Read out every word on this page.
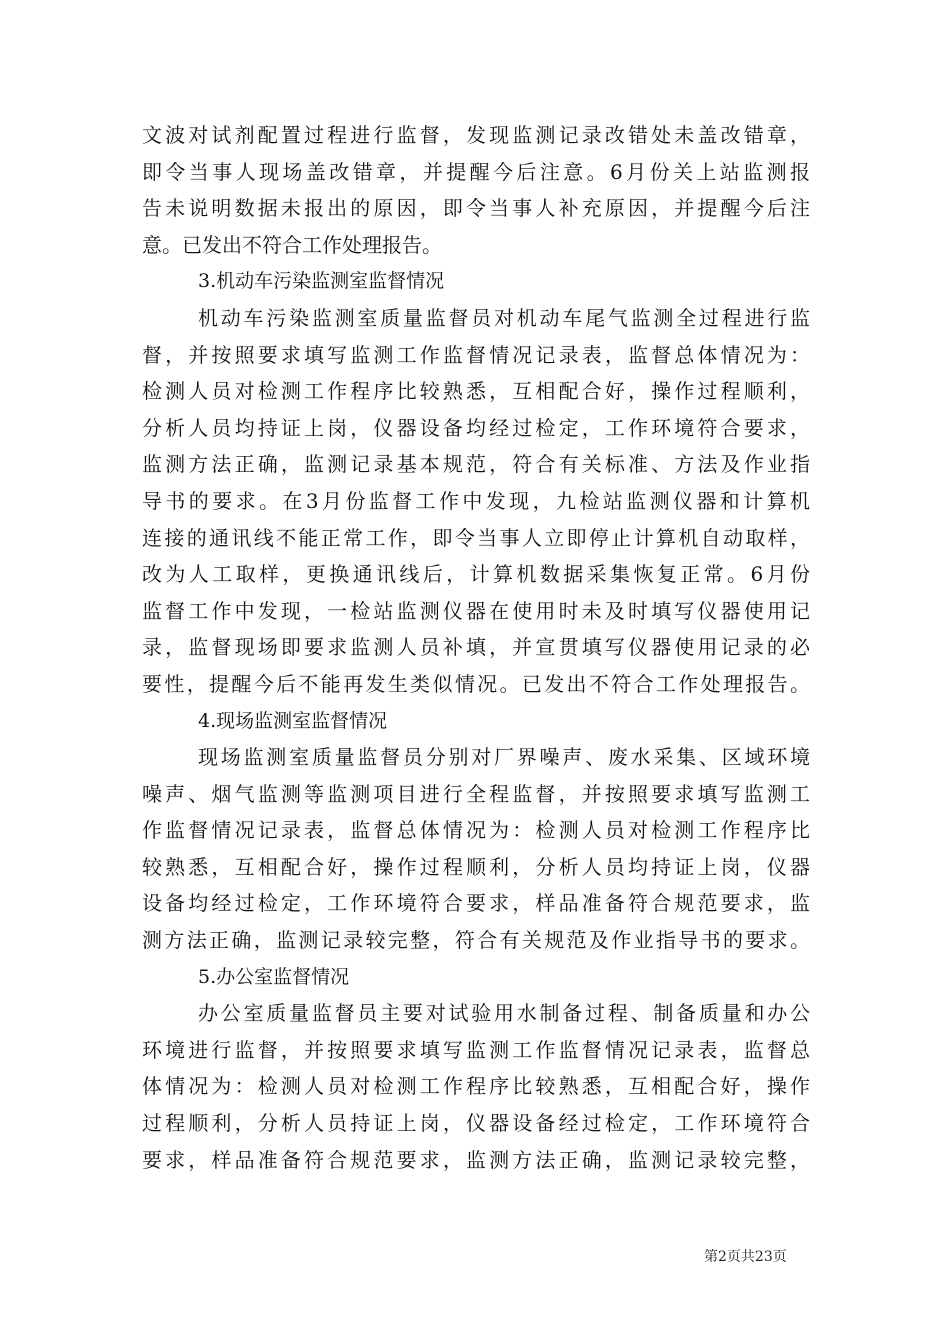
文波对试剂配置过程进行监督，发现监测记录改错处未盖改错章，
即令当事人现场盖改错章，并提醒今后注意。6月份关上站监测报
告未说明数据未报出的原因，即令当事人补充原因，并提醒今后注
意。已发出不符合工作处理报告。
3.机动车污染监测室监督情况
机动车污染监测室质量监督员对机动车尾气监测全过程进行监
督，并按照要求填写监测工作监督情况记录表，监督总体情况为：
检测人员对检测工作程序比较熟悉，互相配合好，操作过程顺利，
分析人员均持证上岗，仪器设备均经过检定，工作环境符合要求，
监测方法正确，监测记录基本规范，符合有关标准、方法及作业指
导书的要求。在3月份监督工作中发现，九检站监测仪器和计算机
连接的通讯线不能正常工作，即令当事人立即停止计算机自动取样，
改为人工取样，更换通讯线后，计算机数据采集恢复正常。6月份
监督工作中发现，一检站监测仪器在使用时未及时填写仪器使用记
录，监督现场即要求监测人员补填，并宣贯填写仪器使用记录的必
要性，提醒今后不能再发生类似情况。已发出不符合工作处理报告。
4.现场监测室监督情况
现场监测室质量监督员分别对厂界噪声、废水采集、区域环境
噪声、烟气监测等监测项目进行全程监督，并按照要求填写监测工
作监督情况记录表，监督总体情况为：检测人员对检测工作程序比
较熟悉，互相配合好，操作过程顺利，分析人员均持证上岗，仪器
设备均经过检定，工作环境符合要求，样品准备符合规范要求，监
测方法正确，监测记录较完整，符合有关规范及作业指导书的要求。
5.办公室监督情况
办公室质量监督员主要对试验用水制备过程、制备质量和办公
环境进行监督，并按照要求填写监测工作监督情况记录表，监督总
体情况为：检测人员对检测工作程序比较熟悉，互相配合好，操作
过程顺利，分析人员持证上岗，仪器设备经过检定，工作环境符合
要求，样品准备符合规范要求，监测方法正确，监测记录较完整，
第2页共23页
